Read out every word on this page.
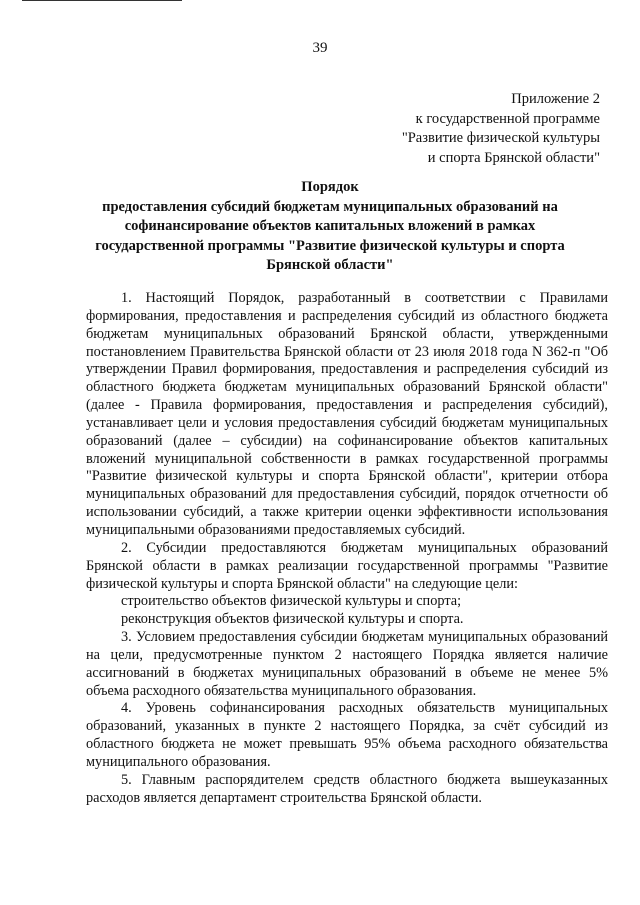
39
Приложение 2
к государственной программе
"Развитие физической культуры
и спорта Брянской области"
Порядок
предоставления субсидий бюджетам муниципальных образований на
софинансирование объектов капитальных вложений в рамках
государственной программы "Развитие физической культуры и спорта
Брянской области"

1. Настоящий Порядок, разработанный в соответствии с Правилами формирования, предоставления и распределения субсидий из областного бюджета бюджетам муниципальных образований Брянской области, утвержденными постановлением Правительства Брянской области от 23 июля 2018 года N 362-п "Об утверждении Правил формирования, предоставления и распределения субсидий из областного бюджета бюджетам муниципальных образований Брянской области" (далее - Правила формирования, предоставления и распределения субсидий), устанавливает цели и условия предоставления субсидий бюджетам муниципальных образований (далее – субсидии) на софинансирование объектов капитальных вложений муниципальной собственности в рамках государственной программы "Развитие физической культуры и спорта Брянской области", критерии отбора муниципальных образований для предоставления субсидий, порядок отчетности об использовании субсидий, а также критерии оценки эффективности использования муниципальными образованиями предоставляемых субсидий.

2. Субсидии предоставляются бюджетам муниципальных образований Брянской области в рамках реализации государственной программы "Развитие физической культуры и спорта Брянской области" на следующие цели:

строительство объектов физической культуры и спорта;

реконструкция объектов физической культуры и спорта.

3. Условием предоставления субсидии бюджетам муниципальных образований на цели, предусмотренные пунктом 2 настоящего Порядка является наличие ассигнований в бюджетах муниципальных образований в объеме не менее 5% объема расходного обязательства муниципального образования.

4. Уровень софинансирования расходных обязательств муниципальных образований, указанных в пункте 2 настоящего Порядка, за счёт субсидий из областного бюджета не может превышать 95% объема расходного обязательства муниципального образования.

5. Главным распорядителем средств областного бюджета вышеуказанных расходов является департамент строительства Брянской области.
